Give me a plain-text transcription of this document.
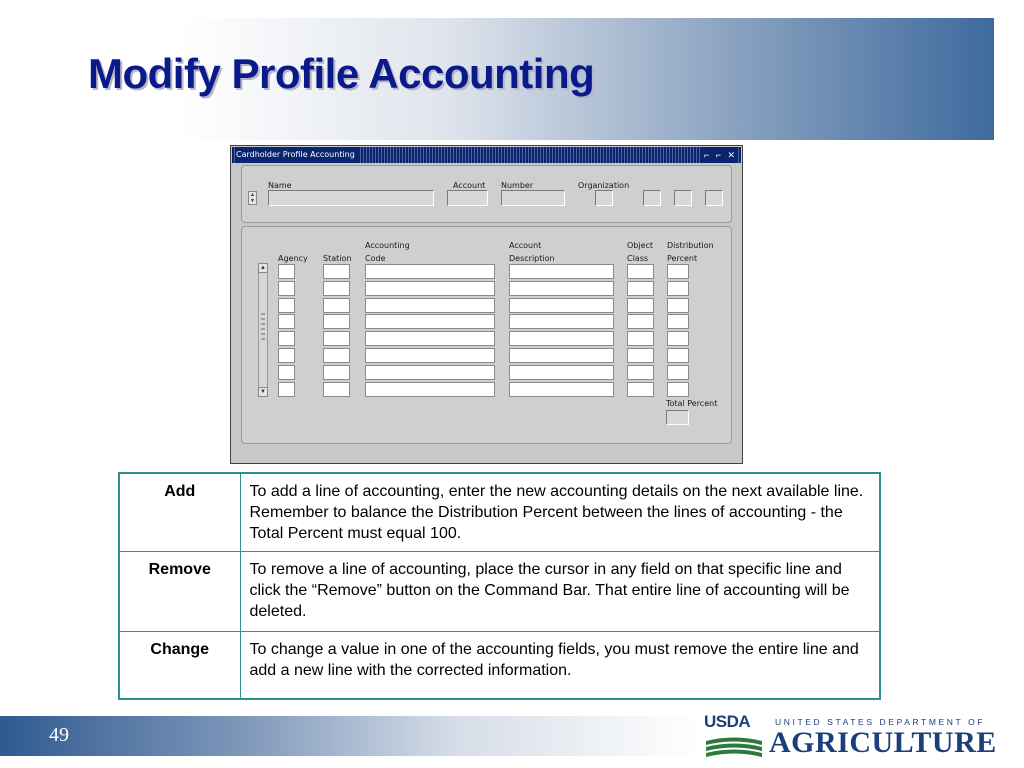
Modify Profile Accounting
Cardholder Profile Accounting	⌐ ⌐ ✕
Name	Account Number	Organization
▲
▼
Accounting	Account	Object Distribution
Agency Station Code	Description	Class Percent
▲
▼
Total Percent
Add	To add a line of accounting, enter the new accounting details on the next available line. Remember to balance the Distribution Percent between the lines of accounting - the Total Percent must equal 100.
Remove	To remove a line of accounting, place the cursor in any field on that specific line and click the “Remove” button on the Command Bar. That entire line of accounting will be deleted.
Change	To change a value in one of the accounting fields, you must remove the entire line and add a new line with the corrected information.
49
USDA	UNITED STATES DEPARTMENT OF
AGRICULTURE
